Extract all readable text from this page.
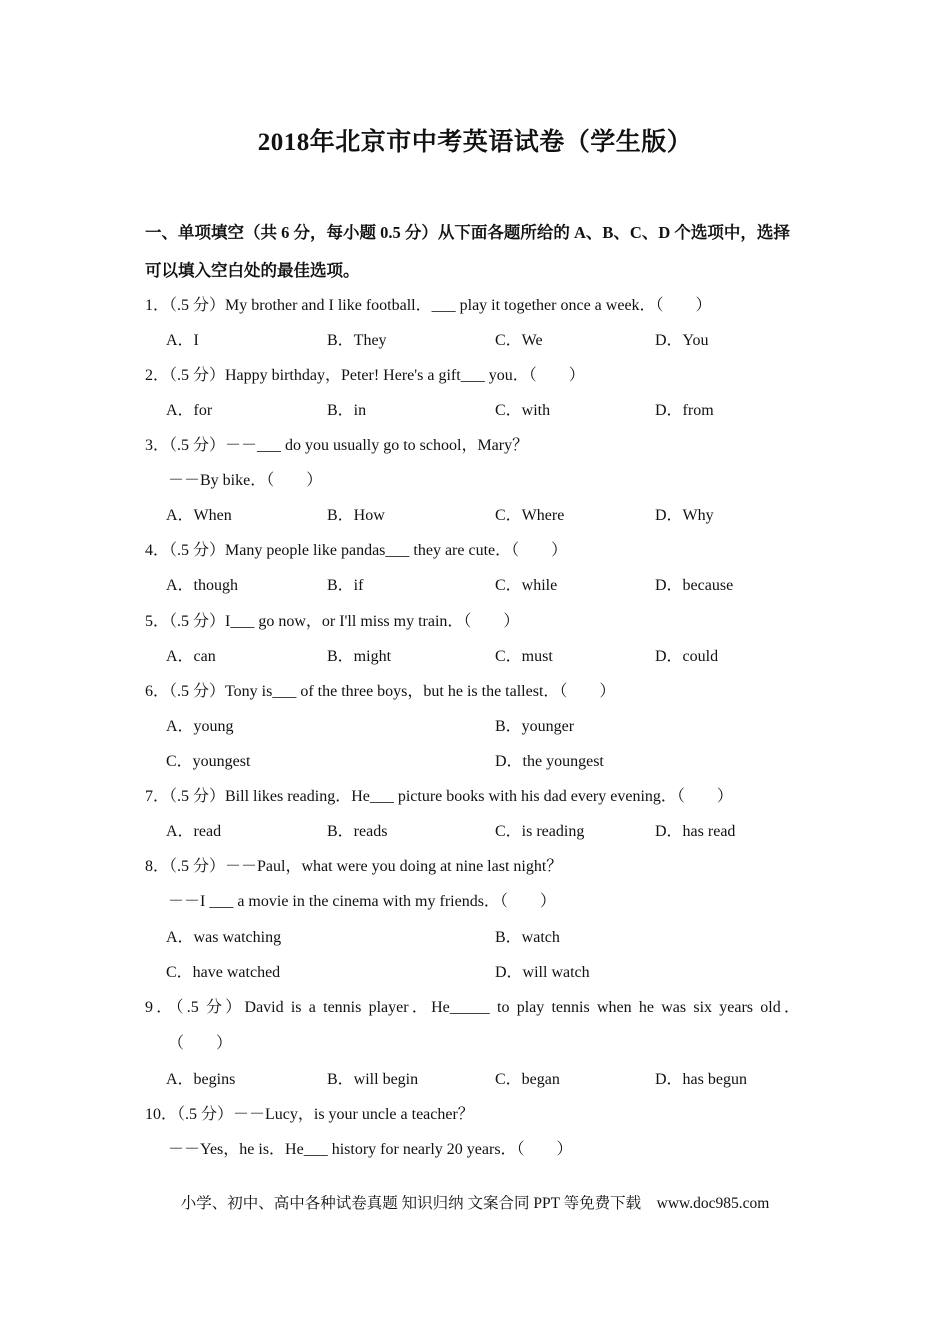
2018年北京市中考英语试卷（学生版）
一、单项填空（共 6 分，每小题 0.5 分）从下面各题所给的 A、B、C、D 个选项中，选择
可以填入空白处的最佳选项。
1．（.5 分）My brother and I like football．___ play it together once a week．（　　）
A．I	B．They	C．We	D．You
2．（.5 分）Happy birthday，Peter! Here's a gift___ you．（　　）
A．for	B．in	C．with	D．from
3．（.5 分）－－___ do you usually go to school，Mary？
－－By bike．（　　）
A．When	B．How	C．Where	D．Why
4．（.5 分）Many people like pandas___ they are cute．（　　）
A．though	B．if	C．while	D．because
5．（.5 分）I___ go now，or I'll miss my train．（　　）
A．can	B．might	C．must	D．could
6．（.5 分）Tony is___ of the three boys，but he is the tallest．（　　）
A．young	B．younger
C．youngest	D．the youngest
7．（.5 分）Bill likes reading．He___ picture books with his dad every evening．（　　）
A．read	B．reads	C．is reading	D．has read
8．（.5 分）－－Paul，what were you doing at nine last night？
－－I ___ a movie in the cinema with my friends．（　　）
A．was watching	B．watch
C．have watched	D．will watch
9．（.5 分）David is a tennis player．He_____ to play tennis when he was six years old．
（　　）
A．begins	B．will begin	C．began	D．has begun
10．（.5 分）－－Lucy，is your uncle a teacher？
－－Yes，he is．He___ history for nearly 20 years．（　　）
小学、初中、高中各种试卷真题 知识归纳 文案合同 PPT 等免费下载　www.doc985.com
